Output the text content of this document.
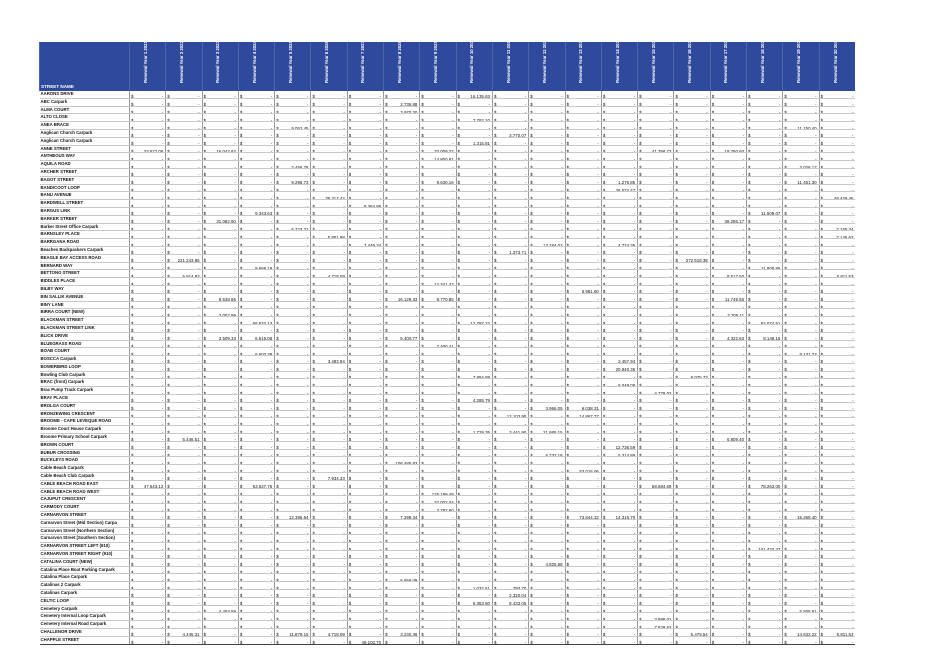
STREET NAME	Renewal Year 1 2021/2022	Renewal Year 2 2022/2023	Renewal Year 3 2023/2024	Renewal Year 4 2024/2025	Renewal Year 5 2025/2026	Renewal Year 6 2026/2027	Renewal Year 7 2027/2028	Renewal Year 8 2028/2029	Renewal Year 9 2029/2030	Renewal Year 10 2030/2031	Renewal Year 11 2031/2032	Renewal Year 12 2032/2033	Renewal Year 13 2033/2034	Renewal Year 14 2034/2035	Renewal Year 15 2035/2036	Renewal Year 16 2036/2037	Renewal Year 17 2037/2038	Renewal Year 18 2038/2039	Renewal Year 19 2039/2040	Renewal Year 20 2040/2041

AARONS DRIVE	$ -	$ -	$ -	$ -	$ -	$ -	$ -	$ -	$ -	$ 16,135.63	$ -	$ -	$ -	$ -	$ -	$ -	$ -	$ -	$ -	$ -

ABC Carpark	$ -	$ -	$ -	$ -	$ -	$ -	$ -	$ 2,736.88	$ -	$ -	$ -	$ -	$ -	$ -	$ -	$ -	$ -	$ -	$ -	$ -

ALMA COURT	$ -	$ -	$ -	$ -	$ -	$ -	$ -	$ 3,970.30	$ -	$ -	$ -	$ -	$ -	$ -	$ -	$ -	$ -	$ -	$ -	$ -

ALTO CLOSE	$ -	$ -	$ -	$ -	$ -	$ -	$ -	$ -	$ -	$ 7,782.10	$ -	$ -	$ -	$ -	$ -	$ -	$ -	$ -	$ -	$ -

ANEA BRACE	$ -	$ -	$ -	$ -	$ 9,052.45	$ -	$ -	$ -	$ -	$ -	$ -	$ -	$ -	$ -	$ -	$ -	$ -	$ -	$ 11,150.40	$ -

Anglican Church Carpark	$ -	$ -	$ -	$ -	$ -	$ -	$ -	$ -	$ -	$ -	$ 3,770.07	$ -	$ -	$ -	$ -	$ -	$ -	$ -	$ -	$ -

Anglican Church Carpark	$ -	$ -	$ -	$ -	$ -	$ -	$ -	$ -	$ -	$ 1,315.81	$ -	$ -	$ -	$ -	$ -	$ -	$ -	$ -	$ -	$ -

ANNE STREET	$ 33,577.06	$ -	$ 16,042.63	$ -	$ -	$ -	$ -	$ -	$ 33,009.22	$ -	$ -	$ -	$ -	$ -	$ 41,358.73	$ -	$ 19,760.60	$ -	$ -	$ -

ANTHEOUS WAY	$ -	$ -	$ -	$ -	$ -	$ -	$ -	$ -	$ 14,800.81	$ -	$ -	$ -	$ -	$ -	$ -	$ -	$ -	$ -	$ -	$ -

AQUILA ROAD	$ -	$ -	$ -	$ -	$ 2,456.78	$ -	$ -	$ -	$ -	$ -	$ -	$ -	$ -	$ -	$ -	$ -	$ -	$ -	$ 3,026.17	$ -

ARCHER STREET	$ -	$ -	$ -	$ -	$ -	$ -	$ -	$ -	$ -	$ -	$ -	$ -	$ -	$ -	$ -	$ -	$ -	$ -	$ -	$ -

BAGOT STREET	$ -	$ -	$ -	$ -	$ 9,296.73	$ -	$ -	$ -	$ 9,630.16	$ -	$ -	$ -	$ -	$ 1,276.85	$ -	$ -	$ -	$ -	$ 11,451.30	$ -

BANDICOOT LOOP	$ -	$ -	$ -	$ -	$ -	$ -	$ -	$ -	$ -	$ -	$ -	$ -	$ -	$ 26,574.47	$ -	$ -	$ -	$ -	$ -	$ -

BANU AVENUE	$ -	$ -	$ -	$ -	$ -	$ 39,317.42	$ -	$ -	$ -	$ -	$ -	$ -	$ -	$ -	$ -	$ -	$ -	$ -	$ -	$ 48,429.46

BARDWELL STREET	$ -	$ -	$ -	$ -	$ -	$ -	$ 9,364.88	$ -	$ -	$ -	$ -	$ -	$ -	$ -	$ -	$ -	$ -	$ -	$ -	$ -

BARGUS LINK	$ -	$ -	$ -	$ 9,343.63	$ -	$ -	$ -	$ -	$ -	$ -	$ -	$ -	$ -	$ -	$ -	$ -	$ -	$ 11,509.07	$ -	$ -

BARKER STREET	$ -	$ -	$ 31,082.60	$ -	$ -	$ -	$ -	$ -	$ -	$ -	$ -	$ -	$ -	$ -	$ -	$ -	$ 38,286.17	$ -	$ -	$ -

Barker Street Office Carpark	$ -	$ -	$ -	$ -	$ 5,723.21	$ -	$ -	$ -	$ -	$ -	$ -	$ -	$ -	$ -	$ -	$ -	$ -	$ -	$ -	$ 7,155.34

BARNSLEY PLACE	$ -	$ -	$ -	$ -	$ -	$ 5,801.98	$ -	$ -	$ -	$ -	$ -	$ -	$ -	$ -	$ -	$ -	$ -	$ -	$ -	$ 7,146.62

BARRGANA ROAD	$ -	$ -	$ -	$ -	$ -	$ -	$ 7,449.34	$ -	$ -	$ -	$ -	$ 13,184.02	$ -	$ 4,724.35	$ -	$ -	$ -	$ -	$ -	$ -

Beaches Backpackers Carpark	$ -	$ -	$ -	$ -	$ -	$ -	$ -	$ -	$ -	$ -	$ 1,373.71	$ -	$ -	$ -	$ -	$ -	$ -	$ -	$ -	$ -

BEAGLE BAY ACCESS ROAD	$ -	$ 221,243.85	$ -	$ -	$ -	$ -	$ -	$ -	$ -	$ -	$ -	$ -	$ -	$ -	$ -	$ 272,518.38	$ -	$ -	$ -	$ -

BERNARD WAY	$ -	$ -	$ -	$ 9,668.19	$ -	$ -	$ -	$ -	$ -	$ -	$ -	$ -	$ -	$ -	$ -	$ -	$ -	$ 11,908.85	$ -	$ -

BETTONG STREET	$ -	$ 6,914.93	$ -	$ -	$ -	$ 4,718.09	$ -	$ -	$ -	$ -	$ -	$ -	$ -	$ -	$ -	$ -	$ 8,517.50	$ -	$ -	$ 5,811.53

BIDDLES PLACE	$ -	$ -	$ -	$ -	$ -	$ -	$ -	$ -	$ 12,341.42	$ -	$ -	$ -	$ -	$ -	$ -	$ -	$ -	$ -	$ -	$ -

BILBY WAY	$ -	$ -	$ -	$ -	$ -	$ -	$ -	$ -	$ -	$ -	$ -	$ -	$ 6,981.60	$ -	$ -	$ -	$ -	$ -	$ -	$ -

BIN SALLIK AVENUE	$ -	$ -	$ 9,538.86	$ -	$ -	$ -	$ -	$ 16,129.33	$ 8,770.85	$ -	$ -	$ -	$ -	$ -	$ -	$ -	$ 11,749.55	$ -	$ -	$ -

BINY LANE	$ -	$ -	$ -	$ -	$ -	$ -	$ -	$ -	$ -	$ -	$ -	$ -	$ -	$ -	$ -	$ -	$ -	$ -	$ -	$ -

BIRRA COURT (NEW)	$ -	$ -	$ 3,007.99	$ -	$ -	$ -	$ -	$ -	$ -	$ -	$ -	$ -	$ -	$ -	$ -	$ -	$ 3,705.11	$ -	$ -	$ -

BLACKMAN STREET	$ -	$ -	$ -	$ 66,632.13	$ -	$ -	$ -	$ -	$ -	$ 12,797.22	$ -	$ -	$ -	$ -	$ -	$ -	$ -	$ 82,074.51	$ -	$ -

BLACKMAN STREET LINK	$ -	$ -	$ -	$ -	$ -	$ -	$ -	$ -	$ -	$ -	$ -	$ -	$ -	$ -	$ -	$ -	$ -	$ -	$ -	$ -

BLICK DRIVE	$ -	$ -	$ 3,509.33	$ 6,615.08	$ -	$ -	$ -	$ 5,400.77	$ -	$ -	$ -	$ -	$ -	$ -	$ -	$ -	$ 4,322.63	$ 8,148.16	$ -	$ -

BLUEGRASS ROAD	$ -	$ -	$ -	$ -	$ -	$ -	$ -	$ -	$ 7,400.41	$ -	$ -	$ -	$ -	$ -	$ -	$ -	$ -	$ -	$ -	$ -

BOAB COURT	$ -	$ -	$ -	$ 6,603.39	$ -	$ -	$ -	$ -	$ -	$ -	$ -	$ -	$ -	$ -	$ -	$ -	$ -	$ -	$ 8,131.22	$ -

BOSCCA Carpark	$ -	$ -	$ -	$ -	$ -	$ 3,483.94	$ -	$ -	$ -	$ -	$ -	$ -	$ -	$ 2,457.94	$ -	$ -	$ -	$ -	$ -	$ -

BOWERBIRD LOOP	$ -	$ -	$ -	$ -	$ -	$ -	$ -	$ -	$ -	$ -	$ -	$ -	$ -	$ 20,940.36	$ -	$ -	$ -	$ -	$ -	$ -

Bowling Club Carpark	$ -	$ -	$ -	$ -	$ -	$ -	$ -	$ -	$ -	$ 7,894.88	$ -	$ -	$ -	$ -	$ -	$ 8,075.73	$ -	$ -	$ -	$ -

BRAC (front) Carpark	$ -	$ -	$ -	$ -	$ -	$ -	$ -	$ -	$ -	$ -	$ -	$ -	$ -	$ 6,049.08	$ -	$ -	$ -	$ -	$ -	$ -

Brac Pump Track Carpark	$ -	$ -	$ -	$ -	$ -	$ -	$ -	$ -	$ -	$ -	$ -	$ -	$ -	$ -	$ 4,779.02	$ -	$ -	$ -	$ -	$ -

BRAY PLACE	$ -	$ -	$ -	$ -	$ -	$ -	$ -	$ -	$ -	$ 4,285.79	$ -	$ -	$ -	$ -	$ -	$ -	$ -	$ -	$ -	$ -

BROLGA COURT	$ -	$ -	$ -	$ -	$ -	$ -	$ -	$ -	$ -	$ -	$ -	$ 3,966.05	$ 6,038.31	$ -	$ -	$ -	$ -	$ -	$ -	$ -

BRONZEWING CRESCENT	$ -	$ -	$ -	$ -	$ -	$ -	$ -	$ -	$ -	$ -	$ 12,103.90	$ -	$ 14,867.77	$ -	$ -	$ -	$ -	$ -	$ -	$ -

BROOME - CAPE LEVEQUE ROAD	$ -	$ -	$ -	$ -	$ -	$ -	$ -	$ -	$ -	$ -	$ -	$ -	$ -	$ -	$ -	$ -	$ -	$ -	$ -	$ -

Broome Court House Carpark	$ -	$ -	$ -	$ -	$ -	$ -	$ -	$ -	$ -	$ 1,729.35	$ 3,441.90	$ 21,685.15	$ -	$ -	$ -	$ -	$ -	$ -	$ -	$ -

Broome Primary School Carpark	$ -	$ 5,446.51	$ -	$ -	$ -	$ -	$ -	$ -	$ -	$ -	$ -	$ -	$ -	$ -	$ -	$ -	$ 6,809.40	$ -	$ -	$ -

BROWN COURT	$ -	$ -	$ -	$ -	$ -	$ -	$ -	$ -	$ -	$ -	$ -	$ -	$ -	$ 12,736.59	$ -	$ -	$ -	$ -	$ -	$ -

BUBUR CROSSING	$ -	$ -	$ -	$ -	$ -	$ -	$ -	$ -	$ -	$ -	$ -	$ 5,732.18	$ -	$ 5,314.89	$ -	$ -	$ -	$ -	$ -	$ -

BUCKLEYS ROAD	$ -	$ -	$ -	$ -	$ -	$ -	$ -	$ 108,485.83	$ -	$ -	$ -	$ -	$ -	$ -	$ -	$ -	$ -	$ -	$ -	$ -

Cable Beach Carpark	$ -	$ -	$ -	$ -	$ -	$ -	$ -	$ -	$ -	$ -	$ -	$ -	$ 53,016.06	$ -	$ -	$ -	$ -	$ -	$ -	$ -

Cable Beach Club Carpark	$ -	$ -	$ -	$ -	$ -	$ 7,934.33	$ -	$ -	$ -	$ -	$ -	$ -	$ -	$ -	$ -	$ -	$ -	$ -	$ -	$ -

CABLE BEACH ROAD EAST	$ 47,643.12	$ -	$ -	$ 63,537.76	$ -	$ -	$ -	$ -	$ -	$ -	$ -	$ -	$ -	$ -	$ 58,684.69	$ -	$ -	$ 78,263.00	$ -	$ -

CABLE BEACH ROAD WEST	$ -	$ -	$ -	$ -	$ -	$ -	$ -	$ -	$ 125,199.49	$ -	$ -	$ -	$ -	$ -	$ -	$ -	$ -	$ -	$ -	$ -

CAJUPUT CRESCENT	$ -	$ -	$ -	$ -	$ -	$ -	$ -	$ -	$ 37,002.04	$ -	$ -	$ -	$ -	$ -	$ -	$ -	$ -	$ -	$ -	$ -

CARMODY COURT	$ -	$ -	$ -	$ -	$ -	$ -	$ -	$ -	$ 3,792.80	$ -	$ -	$ -	$ -	$ -	$ -	$ -	$ -	$ -	$ -	$ -

CARNARVON STREET	$ -	$ -	$ -	$ -	$ 12,395.64	$ -	$ -	$ 7,298.34	$ -	$ -	$ -	$ -	$ 73,844.32	$ 14,316.70	$ -	$ -	$ -	$ -	$ 15,268.40	$ -

Carnarvon Street (Mid Section) Carpa	$ -	$ -	$ -	$ -	$ -	$ -	$ -	$ -	$ -	$ -	$ -	$ -	$ -	$ -	$ -	$ -	$ -	$ -	$ -	$ -

Carnarvon Street (Northern Section)	$ -	$ -	$ -	$ -	$ -	$ -	$ -	$ -	$ -	$ -	$ -	$ -	$ -	$ -	$ -	$ -	$ -	$ -	$ -	$ -

Carnarvon Street (Southern Section)	$ -	$ -	$ -	$ -	$ -	$ -	$ -	$ -	$ -	$ -	$ -	$ -	$ -	$ -	$ -	$ -	$ -	$ -	$ -	$ -

CARNARVON STREET LEFT (910)	$ -	$ -	$ -	$ -	$ -	$ -	$ -	$ -	$ -	$ -	$ -	$ -	$ -	$ -	$ -	$ -	$ -	$ 101,432.47	$ -	$ -

CARNARVON STREET RIGHT (910)	$ -	$ -	$ -	$ -	$ -	$ -	$ -	$ -	$ -	$ -	$ -	$ -	$ -	$ -	$ -	$ -	$ -	$ -	$ -	$ -

CATALINA COURT (NEW)	$ -	$ -	$ -	$ -	$ -	$ -	$ -	$ -	$ -	$ -	$ -	$ 4,825.88	$ -	$ -	$ -	$ -	$ -	$ -	$ -	$ -

Catalina Place Boat Parking Carpark	$ -	$ -	$ -	$ -	$ -	$ -	$ -	$ -	$ -	$ -	$ -	$ -	$ -	$ -	$ -	$ -	$ -	$ -	$ -	$ -

Catalina Place Carpark	$ -	$ -	$ -	$ -	$ -	$ -	$ -	$ 6,656.09	$ -	$ -	$ -	$ -	$ -	$ -	$ -	$ -	$ -	$ -	$ -	$ -

Catalinas 2 Carpark	$ -	$ -	$ -	$ -	$ -	$ -	$ -	$ -	$ -	$ 1,037.61	$ 793.70	$ -	$ -	$ -	$ -	$ -	$ -	$ -	$ -	$ -

Catalinas Carpark	$ -	$ -	$ -	$ -	$ -	$ -	$ -	$ -	$ -	$ -	$ 2,320.04	$ -	$ -	$ -	$ -	$ -	$ -	$ -	$ -	$ -

CELTIC LOOP	$ -	$ -	$ -	$ -	$ -	$ -	$ -	$ -	$ -	$ 6,353.50	$ 8,433.05	$ -	$ -	$ -	$ -	$ -	$ -	$ -	$ -	$ -

Cemetery Carpark	$ -	$ -	$ 4,403.59	$ -	$ -	$ -	$ -	$ -	$ -	$ -	$ -	$ -	$ -	$ -	$ -	$ -	$ -	$ -	$ 5,505.51	$ -

Cemetery Internal Loop Carpark	$ -	$ -	$ -	$ -	$ -	$ -	$ -	$ -	$ -	$ -	$ -	$ -	$ -	$ -	$ 3,888.01	$ -	$ -	$ -	$ -	$ -

Cemetery Internal Road Carpark	$ -	$ -	$ -	$ -	$ -	$ -	$ -	$ -	$ -	$ -	$ -	$ -	$ -	$ -	$ 7,829.62	$ -	$ -	$ -	$ -	$ -

CHALLENOR DRIVE	$ -	$ 4,445.31	$ -	$ -	$ 11,879.15	$ 4,718.09	$ -	$ 3,240.46	$ -	$ -	$ -	$ -	$ -	$ -	$ -	$ 5,475.54	$ -	$ -	$ 14,632.22	$ 5,811.53

CHAPPLE STREET	$ -	$ -	$ -	$ -	$ -	$ -	$ 49,103.70	$ -	$ -	$ -	$ -	$ -	$ -	$ -	$ -	$ -	$ -	$ -	$ -	$ -
